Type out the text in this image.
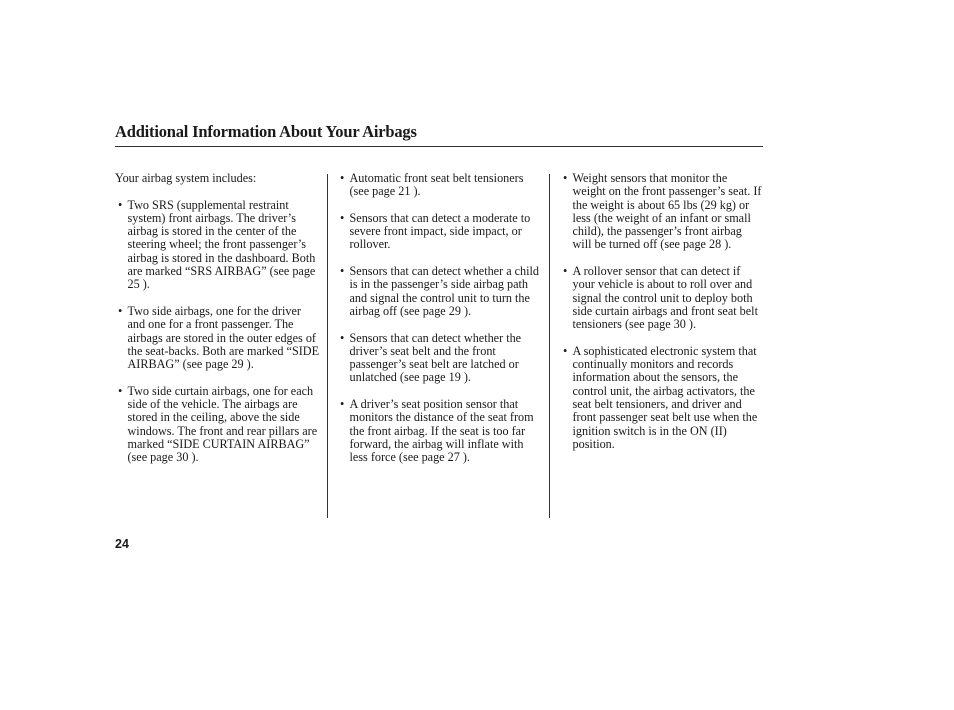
Additional Information About Your Airbags

Your airbag system includes:

• Two SRS (supplemental restraint system) front airbags. The driver’s airbag is stored in the center of the steering wheel; the front passenger’s airbag is stored in the dashboard. Both are marked “SRS AIRBAG” (see page 25 ).

• Two side airbags, one for the driver and one for a front passenger. The airbags are stored in the outer edges of the seat-backs. Both are marked “SIDE AIRBAG” (see page 29 ).

• Two side curtain airbags, one for each side of the vehicle. The airbags are stored in the ceiling, above the side windows. The front and rear pillars are marked “SIDE CURTAIN AIRBAG” (see page 30 ).

• Automatic front seat belt tensioners (see page 21 ).

• Sensors that can detect a moderate to severe front impact, side impact, or rollover.

• Sensors that can detect whether a child is in the passenger’s side airbag path and signal the control unit to turn the airbag off (see page 29 ).

• Sensors that can detect whether the driver’s seat belt and the front passenger’s seat belt are latched or unlatched (see page 19 ).

• A driver’s seat position sensor that monitors the distance of the seat from the front airbag. If the seat is too far forward, the airbag will inflate with less force (see page 27 ).

• Weight sensors that monitor the weight on the front passenger’s seat. If the weight is about 65 lbs (29 kg) or less (the weight of an infant or small child), the passenger’s front airbag will be turned off (see page 28 ).

• A rollover sensor that can detect if your vehicle is about to roll over and signal the control unit to deploy both side curtain airbags and front seat belt tensioners (see page 30 ).

• A sophisticated electronic system that continually monitors and records information about the sensors, the control unit, the airbag activators, the seat belt tensioners, and driver and front passenger seat belt use when the ignition switch is in the ON (II) position.

24
